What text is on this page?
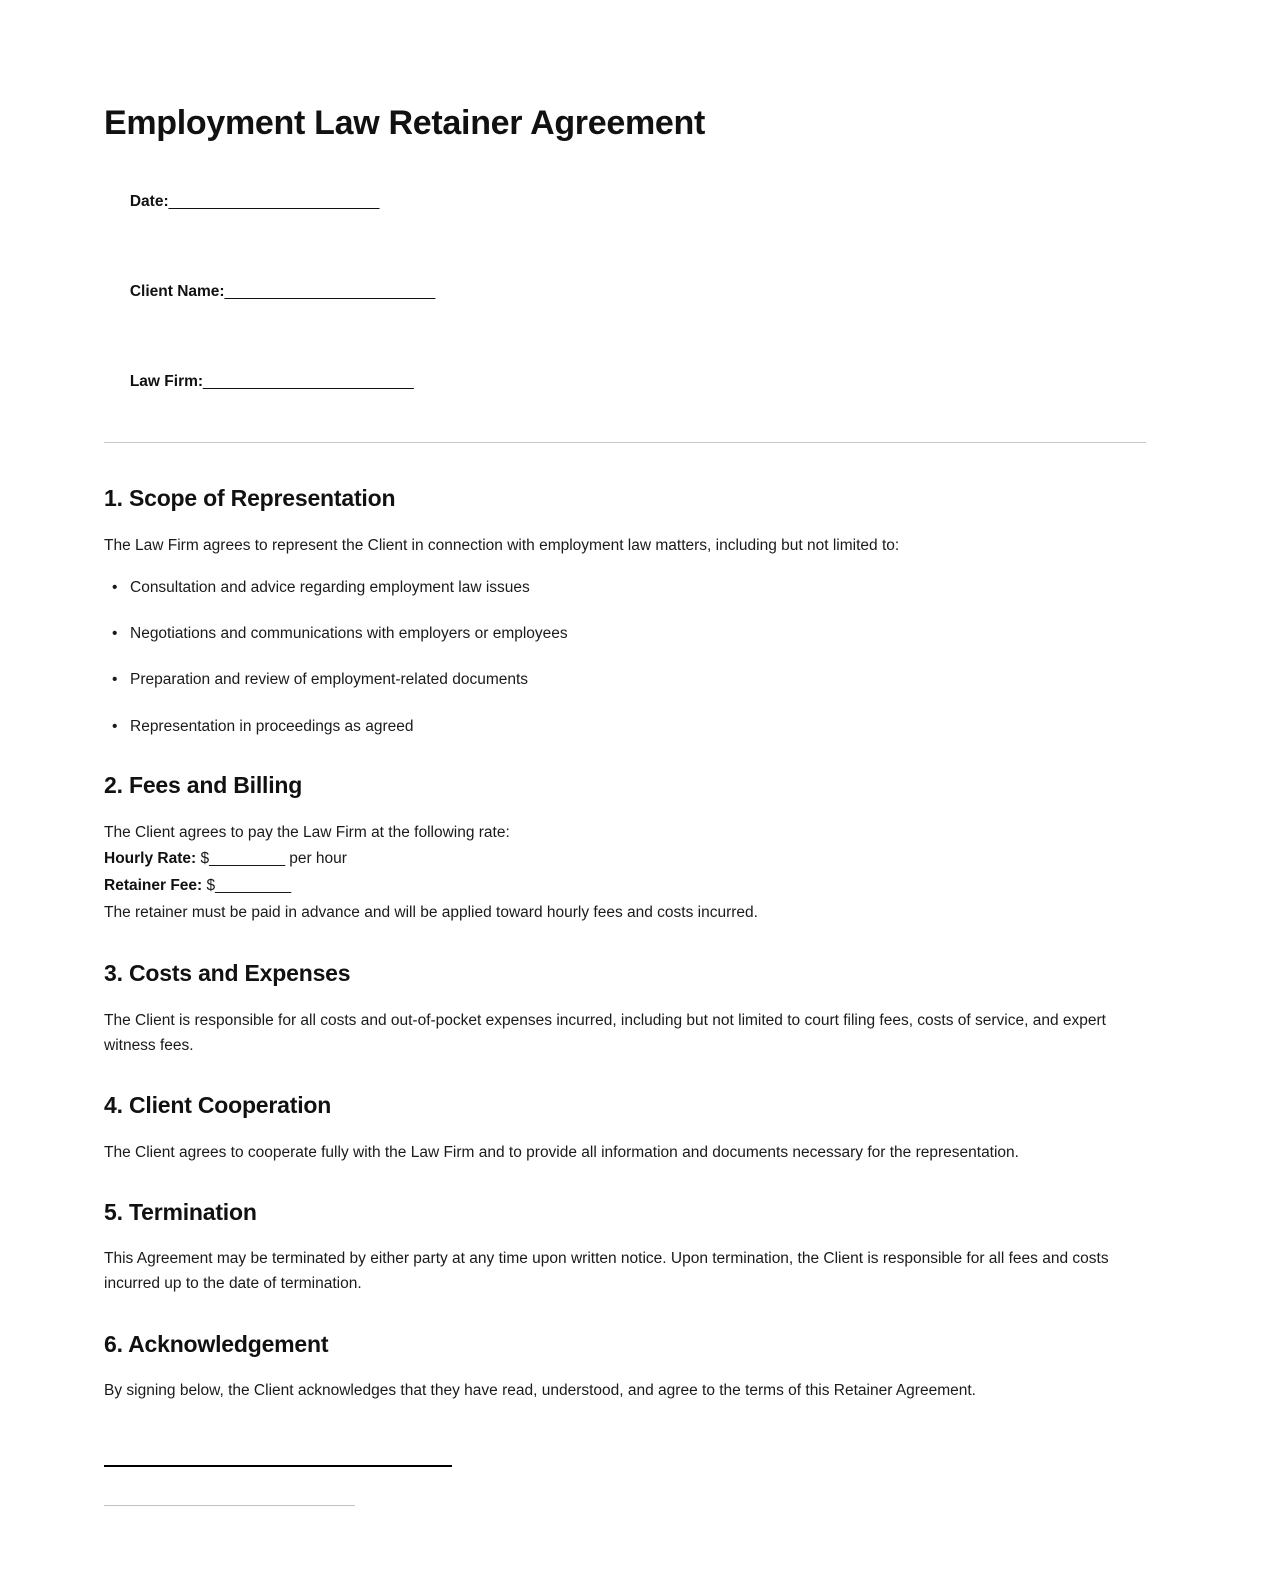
Employment Law Retainer Agreement

Date:_________________________

Client Name:_________________________

Law Firm:_________________________

1. Scope of Representation

The Law Firm agrees to represent the Client in connection with employment law matters, including but not limited to:

• Consultation and advice regarding employment law issues
• Negotiations and communications with employers or employees
• Preparation and review of employment-related documents
• Representation in proceedings as agreed
2. Fees and Billing
The Client agrees to pay the Law Firm at the following rate:
Hourly Rate: $_________ per hour
Retainer Fee: $_________
The retainer must be paid in advance and will be applied toward hourly fees and costs incurred.
3. Costs and Expenses

The Client is responsible for all costs and out-of-pocket expenses incurred, including but not limited to court filing fees, costs of service, and expert witness fees.

4. Client Cooperation

The Client agrees to cooperate fully with the Law Firm and to provide all information and documents necessary for the representation.

5. Termination

This Agreement may be terminated by either party at any time upon written notice. Upon termination, the Client is responsible for all fees and costs incurred up to the date of termination.

6. Acknowledgement

By signing below, the Client acknowledges that they have read, understood, and agree to the terms of this Retainer Agreement.
